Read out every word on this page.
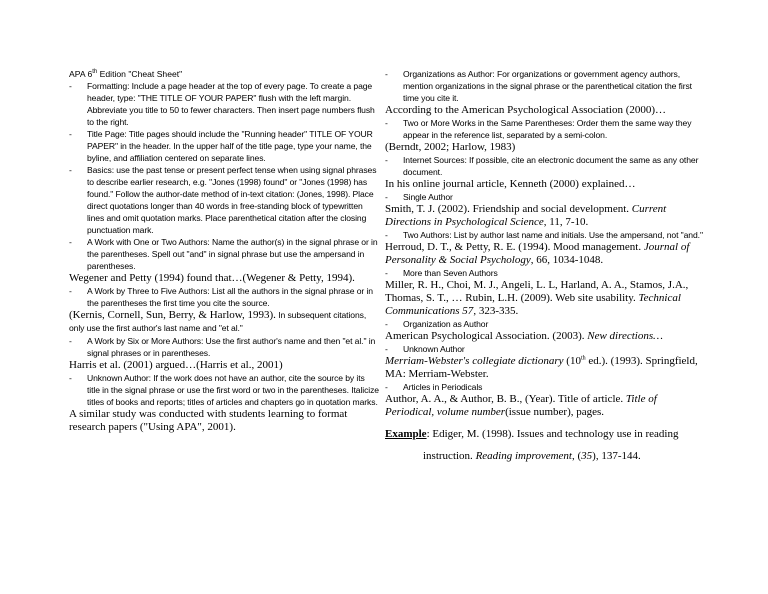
APA 6th Edition "Cheat Sheet"
-	Formatting: Include a page header at the top of every page. To create a page header, type: "THE TITLE OF YOUR PAPER" flush with the left margin. Abbreviate you title to 50 to fewer characters. Then insert page numbers flush to the right.
-	Title Page: Title pages should include the "Running header" TITLE OF YOUR PAPER" in the header. In the upper half of the title page, type your name, the byline, and affiliation centered on separate lines.
-	Basics: use the past tense or present perfect tense when using signal phrases to describe earlier research, e.g. "Jones (1998) found" or "Jones (1998) has found." Follow the author-date method of in-text citation: (Jones, 1998). Place direct quotations longer than 40 words in free-standing block of typewritten lines and omit quotation marks. Place parenthetical citation after the closing punctuation mark.
-	A Work with One or Two Authors: Name the author(s) in the signal phrase or in the parentheses. Spell out "and" in signal phrase but use the ampersand in parentheses.
Wegener and Petty (1994) found that…(Wegener & Petty, 1994).
-	A Work by Three to Five Authors: List all the authors in the signal phrase or in the parentheses the first time you cite the source.
(Kernis, Cornell, Sun, Berry, & Harlow, 1993). In subsequent citations, only use the first author's last name and "et al."
-	A Work by Six or More Authors: Use the first author's name and then "et al." in signal phrases or in parentheses.
Harris et al. (2001) argued…(Harris et al., 2001)
-	Unknown Author: If the work does not have an author, cite the source by its title in the signal phrase or use the first word or two in the parentheses. Italicize titles of books and reports; titles of articles and chapters go in quotation marks.
A similar study was conducted with students learning to format research papers ("Using APA", 2001).
-	Organizations as Author: For organizations or government agency authors, mention organizations in the signal phrase or the parenthetical citation the first time you cite it.
According to the American Psychological Association (2000)…
-	Two or More Works in the Same Parentheses: Order them the same way they appear in the reference list, separated by a semi-colon.
(Berndt, 2002; Harlow, 1983)
-	Internet Sources: If possible, cite an electronic document the same as any other document.
In his online journal article, Kenneth (2000) explained…
-	Single Author
Smith, T. J. (2002). Friendship and social development. Current Directions in Psychological Science, 11, 7-10.
-	Two Authors: List by author last name and initials. Use the ampersand, not "and."
Herroud, D. T., & Petty, R. E. (1994). Mood management. Journal of Personality & Social Psychology, 66, 1034-1048.
-	More than Seven Authors
Miller, R. H., Choi, M. J., Angeli, L. L, Harland, A. A., Stamos, J.A., Thomas, S. T., … Rubin, L.H. (2009). Web site usability. Technical Communications 57, 323-335.
-	Organization as Author
American Psychological Association. (2003). New directions…
-	Unknown Author
Merriam-Webster's collegiate dictionary (10th ed.). (1993). Springfield, MA: Merriam-Webster.
-	Articles in Periodicals
Author, A. A., & Author, B. B., (Year). Title of article. Title of Periodical, volume number(issue number), pages.
Example: Ediger, M. (1998). Issues and technology use in reading
instruction. Reading improvement, (35), 137-144.
